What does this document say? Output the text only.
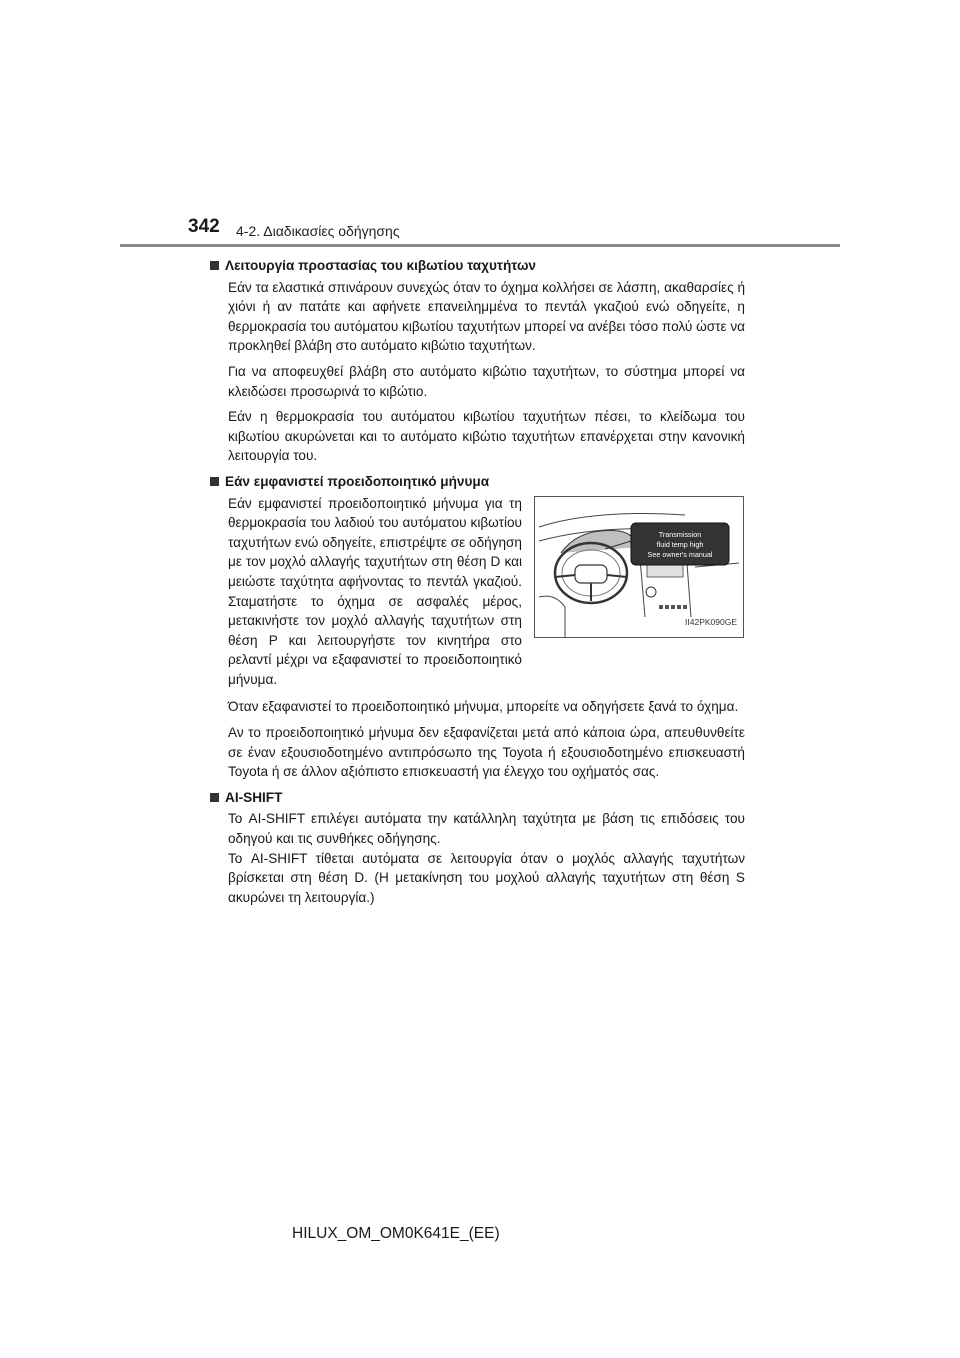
342 4-2. Διαδικασίες οδήγησης
Λειτουργία προστασίας του κιβωτίου ταχυτήτων

Εάν τα ελαστικά σπινάρουν συνεχώς όταν το όχημα κολλήσει σε λάσπη, ακαθαρσίες ή χιόνι ή αν πατάτε και αφήνετε επανειλημμένα το πεντάλ γκαζιού ενώ οδηγείτε, η θερμοκρασία του αυτόματου κιβωτίου ταχυτήτων μπορεί να ανέβει τόσο πολύ ώστε να προκληθεί βλάβη στο αυτόματο κιβώτιο ταχυτήτων.

Για να αποφευχθεί βλάβη στο αυτόματο κιβώτιο ταχυτήτων, το σύστημα μπορεί να κλειδώσει προσωρινά το κιβώτιο.

Εάν η θερμοκρασία του αυτόματου κιβωτίου ταχυτήτων πέσει, το κλείδωμα του κιβωτίου ακυρώνεται και το αυτόματο κιβώτιο ταχυτήτων επανέρχεται στην κανονική λειτουργία του.

Εάν εμφανιστεί προειδοποιητικό μήνυμα

Εάν εμφανιστεί προειδοποιητικό μήνυμα για τη θερμοκρασία του λαδιού του αυτόματου κιβωτίου ταχυτήτων ενώ οδηγείτε, επιστρέψτε σε οδήγηση με τον μοχλό αλλαγής ταχυτήτων στη θέση D και μειώστε ταχύτητα αφήνοντας το πεντάλ γκαζιού. Σταματήστε το όχημα σε ασφαλές μέρος, μετακινήστε τον μοχλό αλλαγής ταχυτήτων στη θέση P και λειτουργήστε τον κινητήρα στο ρελαντί μέχρι να εξαφανιστεί το προειδοποιητικό μήνυμα.

Transmission
fluid temp high
See owner's manual
II42PK090GE

Όταν εξαφανιστεί το προειδοποιητικό μήνυμα, μπορείτε να οδηγήσετε ξανά το όχημα.

Αν το προειδοποιητικό μήνυμα δεν εξαφανίζεται μετά από κάποια ώρα, απευθυνθείτε σε έναν εξουσιοδοτημένο αντιπρόσωπο της Toyota ή εξουσιοδοτημένο επισκευαστή Toyota ή σε άλλον αξιόπιστο επισκευαστή για έλεγχο του οχήματός σας.

AI-SHIFT

Το AI-SHIFT επιλέγει αυτόματα την κατάλληλη ταχύτητα με βάση τις επιδόσεις του οδηγού και τις συνθήκες οδήγησης.

Το AI-SHIFT τίθεται αυτόματα σε λειτουργία όταν ο μοχλός αλλαγής ταχυτήτων βρίσκεται στη θέση D. (Η μετακίνηση του μοχλού αλλαγής ταχυτήτων στη θέση S ακυρώνει τη λειτουργία.)

HILUX_OM_OM0K641E_(EE)
